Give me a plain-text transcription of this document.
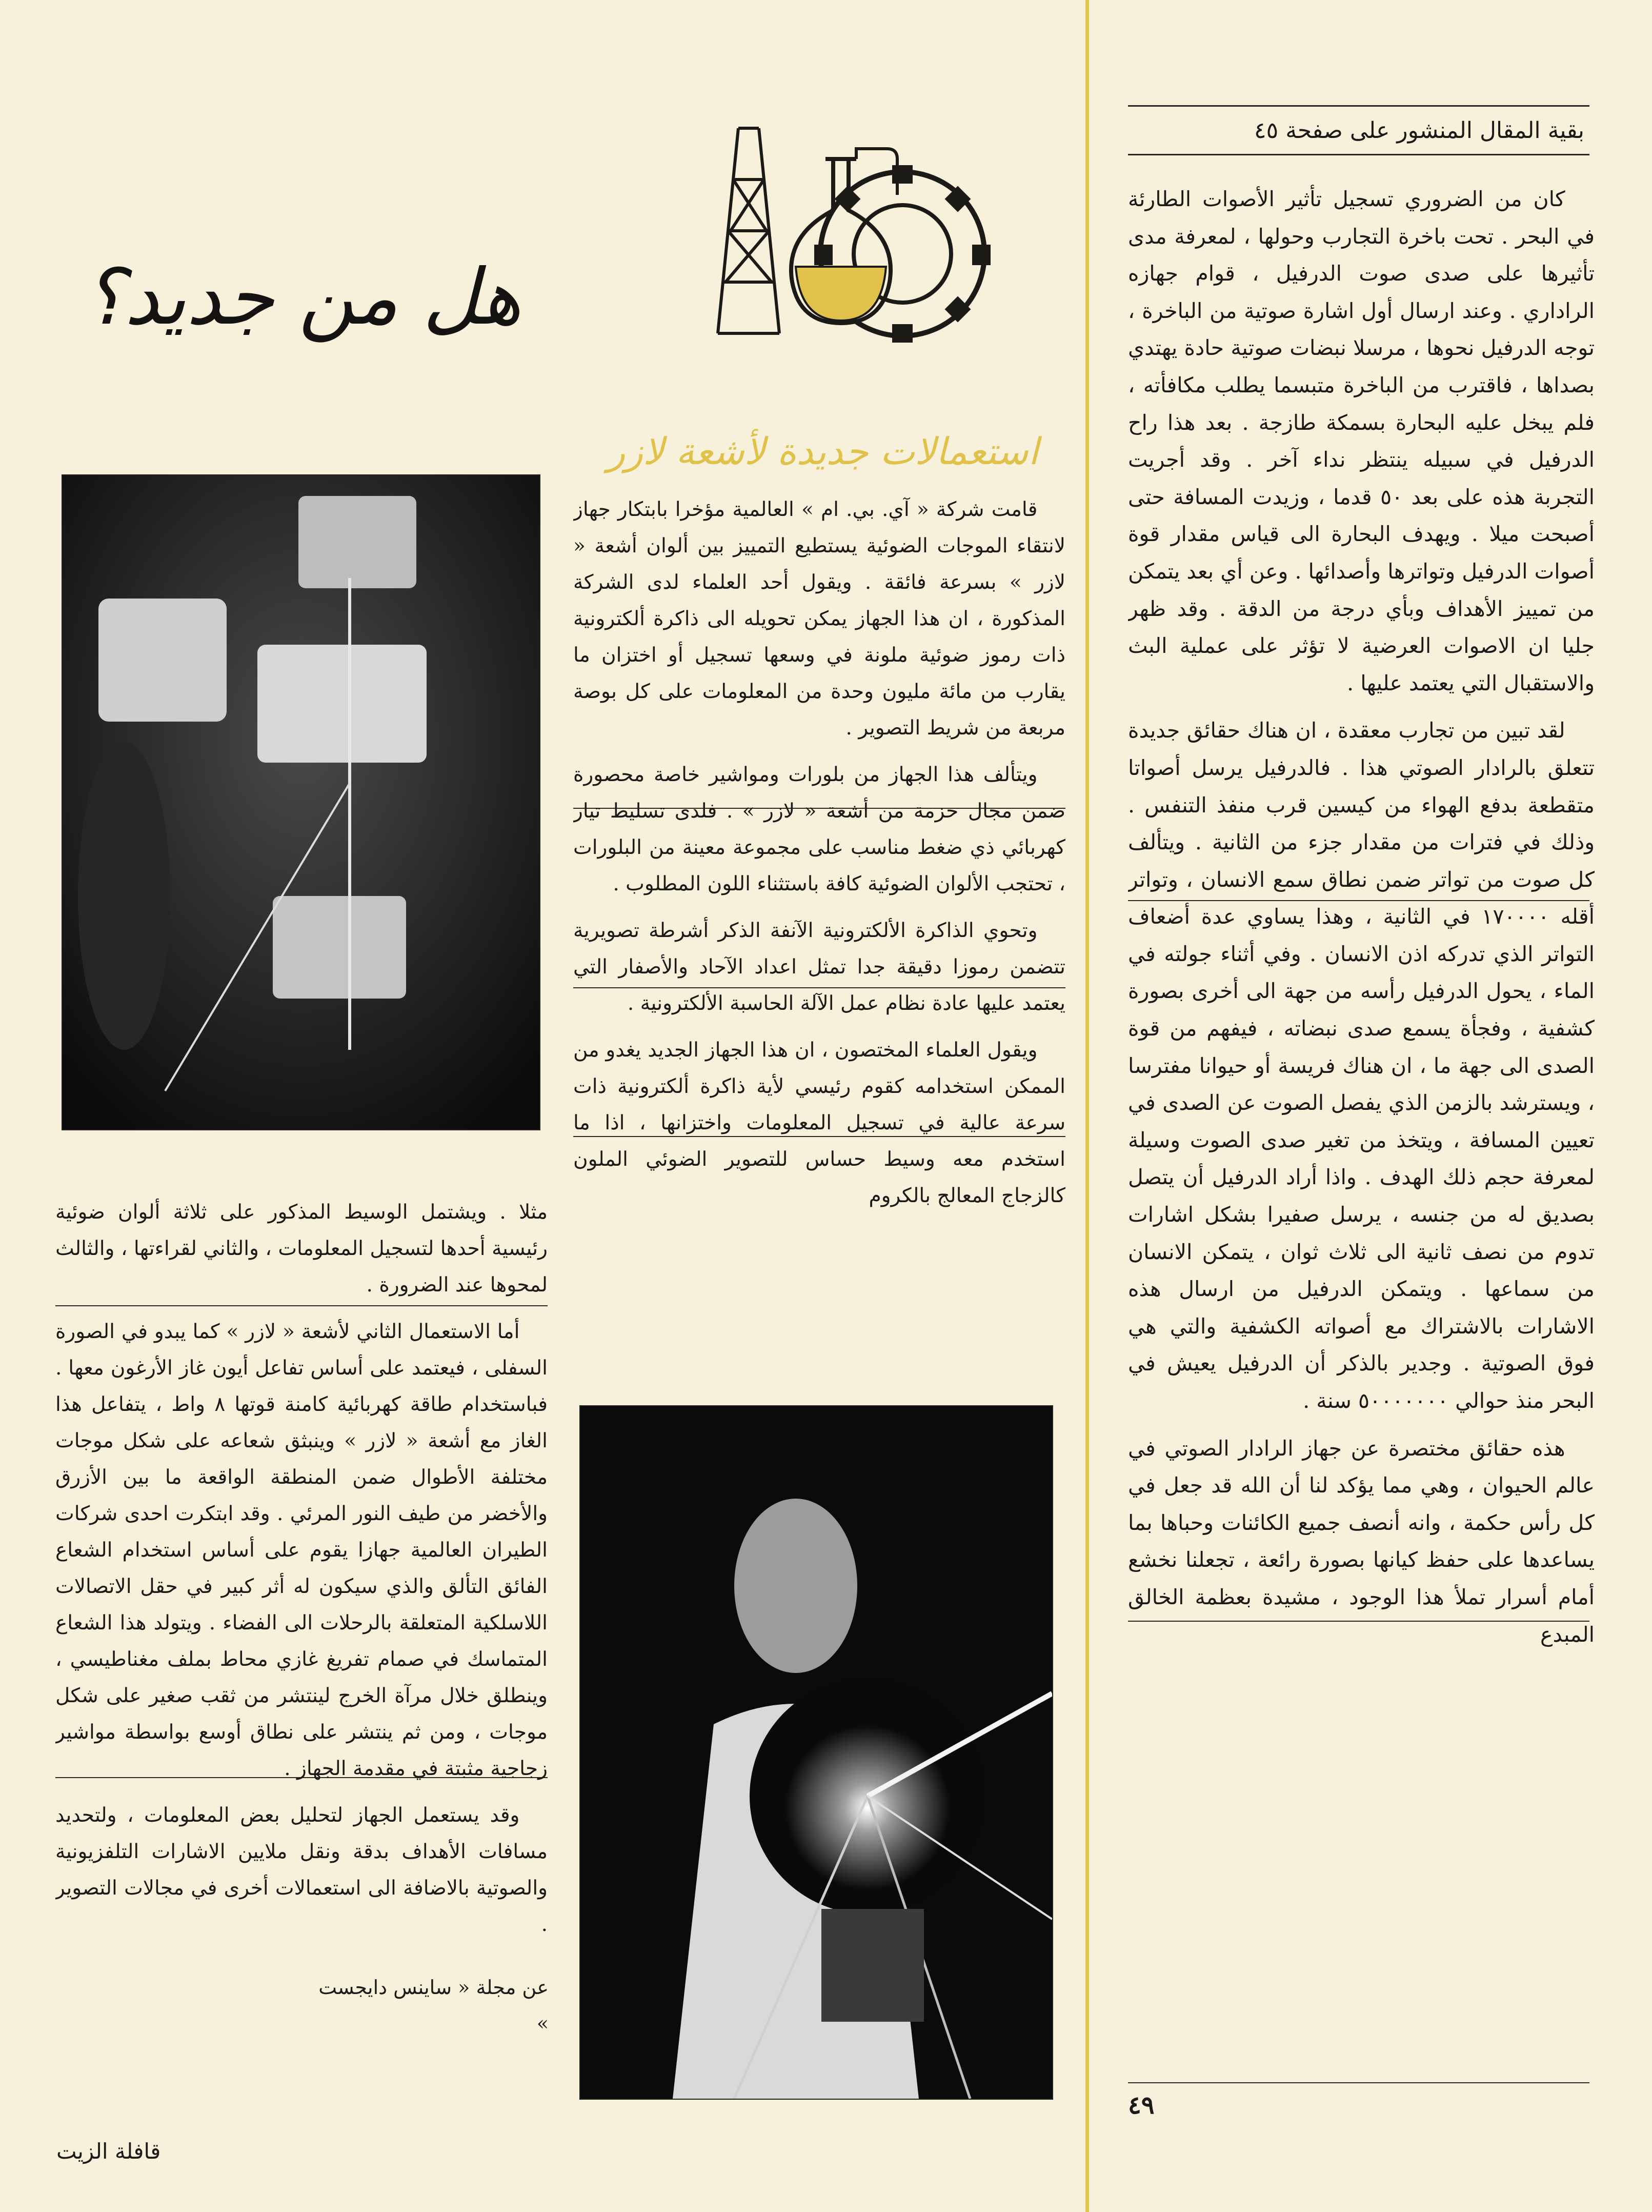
بقية المقال المنشور على صفحة ٤٥
هل من جديد؟
استعمالات جديدة لأشعة لازر

كان من الضروري تسجيل تأثير الأصوات الطارئة في البحر . تحت باخرة التجارب وحولها ، لمعرفة مدى تأثيرها على صدى صوت الدرفيل ، قوام جهازه الراداري . وعند ارسال أول اشارة صوتية من الباخرة ، توجه الدرفيل نحوها ، مرسلا نبضات صوتية حادة يهتدي بصداها ، فاقترب من الباخرة متبسما يطلب مكافأته ، فلم يبخل عليه البحارة بسمكة طازجة . بعد هذا راح الدرفيل في سبيله ينتظر نداء آخر . وقد أجريت التجربة هذه على بعد ٥٠ قدما ، وزيدت المسافة حتى أصبحت ميلا . ويهدف البحارة الى قياس مقدار قوة أصوات الدرفيل وتواترها وأصدائها . وعن أي بعد يتمكن من تمييز الأهداف وبأي درجة من الدقة . وقد ظهر جليا ان الاصوات العرضية لا تؤثر على عملية البث والاستقبال التي يعتمد عليها .

لقد تبين من تجارب معقدة ، ان هناك حقائق جديدة تتعلق بالرادار الصوتي هذا . فالدرفيل يرسل أصواتا متقطعة بدفع الهواء من كيسين قرب منفذ التنفس . وذلك في فترات من مقدار جزء من الثانية . ويتألف كل صوت من تواتر ضمن نطاق سمع الانسان ، وتواتر أقله ١٧٠٠٠٠ في الثانية ، وهذا يساوي عدة أضعاف التواتر الذي تدركه اذن الانسان . وفي أثناء جولته في الماء ، يحول الدرفيل رأسه من جهة الى أخرى بصورة كشفية ، وفجأة يسمع صدى نبضاته ، فيفهم من قوة الصدى الى جهة ما ، ان هناك فريسة أو حيوانا مفترسا ، ويسترشد بالزمن الذي يفصل الصوت عن الصدى في تعيين المسافة ، ويتخذ من تغير صدى الصوت وسيلة لمعرفة حجم ذلك الهدف . واذا أراد الدرفيل أن يتصل بصديق له من جنسه ، يرسل صفيرا بشكل اشارات تدوم من نصف ثانية الى ثلاث ثوان ، يتمكن الانسان من سماعها . ويتمكن الدرفيل من ارسال هذه الاشارات بالاشتراك مع أصواته الكشفية والتي هي فوق الصوتية . وجدير بالذكر أن الدرفيل يعيش في البحر منذ حوالي ٥٠٠٠٠٠٠٠ سنة .

هذه حقائق مختصرة عن جهاز الرادار الصوتي في عالم الحيوان ، وهي مما يؤكد لنا أن الله قد جعل في كل رأس حكمة ، وانه أنصف جميع الكائنات وحباها بما يساعدها على حفظ كيانها بصورة رائعة ، تجعلنا نخشع أمام أسرار تملأ هذا الوجود ، مشيدة بعظمة الخالق المبدع

قامت شركة « آي. بي. ام » العالمية مؤخرا بابتكار جهاز لانتقاء الموجات الضوئية يستطيع التمييز بين ألوان أشعة « لازر » بسرعة فائقة . ويقول أحد العلماء لدى الشركة المذكورة ، ان هذا الجهاز يمكن تحويله الى ذاكرة ألكترونية ذات رموز ضوئية ملونة في وسعها تسجيل أو اختزان ما يقارب من مائة مليون وحدة من المعلومات على كل بوصة مربعة من شريط التصوير .

ويتألف هذا الجهاز من بلورات ومواشير خاصة محصورة ضمن مجال حزمة من أشعة « لازر » . فلدى تسليط تيار كهربائي ذي ضغط مناسب على مجموعة معينة من البلورات ، تحتجب الألوان الضوئية كافة باستثناء اللون المطلوب .

وتحوي الذاكرة الألكترونية الآنفة الذكر أشرطة تصويرية تتضمن رموزا دقيقة جدا تمثل اعداد الآحاد والأصفار التي يعتمد عليها عادة نظام عمل الآلة الحاسبة الألكترونية .

ويقول العلماء المختصون ، ان هذا الجهاز الجديد يغدو من الممكن استخدامه كقوم رئيسي لأية ذاكرة ألكترونية ذات سرعة عالية في تسجيل المعلومات واختزانها ، اذا ما استخدم معه وسيط حساس للتصوير الضوئي الملون كالزجاج المعالج بالكروم

مثلا . ويشتمل الوسيط المذكور على ثلاثة ألوان ضوئية رئيسية أحدها لتسجيل المعلومات ، والثاني لقراءتها ، والثالث لمحوها عند الضرورة .

أما الاستعمال الثاني لأشعة « لازر » كما يبدو في الصورة السفلى ، فيعتمد على أساس تفاعل أيون غاز الأرغون معها . فباستخدام طاقة كهربائية كامنة قوتها ٨ واط ، يتفاعل هذا الغاز مع أشعة « لازر » وينبثق شعاعه على شكل موجات مختلفة الأطوال ضمن المنطقة الواقعة ما بين الأزرق والأخضر من طيف النور المرئي . وقد ابتكرت احدى شركات الطيران العالمية جهازا يقوم على أساس استخدام الشعاع الفائق التألق والذي سيكون له أثر كبير في حقل الاتصالات اللاسلكية المتعلقة بالرحلات الى الفضاء . ويتولد هذا الشعاع المتماسك في صمام تفريغ غازي محاط بملف مغناطيسي ، وينطلق خلال مرآة الخرج لينتشر من ثقب صغير على شكل موجات ، ومن ثم ينتشر على نطاق أوسع بواسطة مواشير زجاجية مثبتة في مقدمة الجهاز .

وقد يستعمل الجهاز لتحليل بعض المعلومات ، ولتحديد مسافات الأهداف بدقة ونقل ملايين الاشارات التلفزيونية والصوتية بالاضافة الى استعمالات أخرى في مجالات التصوير .

عن مجلة « ساينس دايجست »
٤٩
قافلة الزيت
